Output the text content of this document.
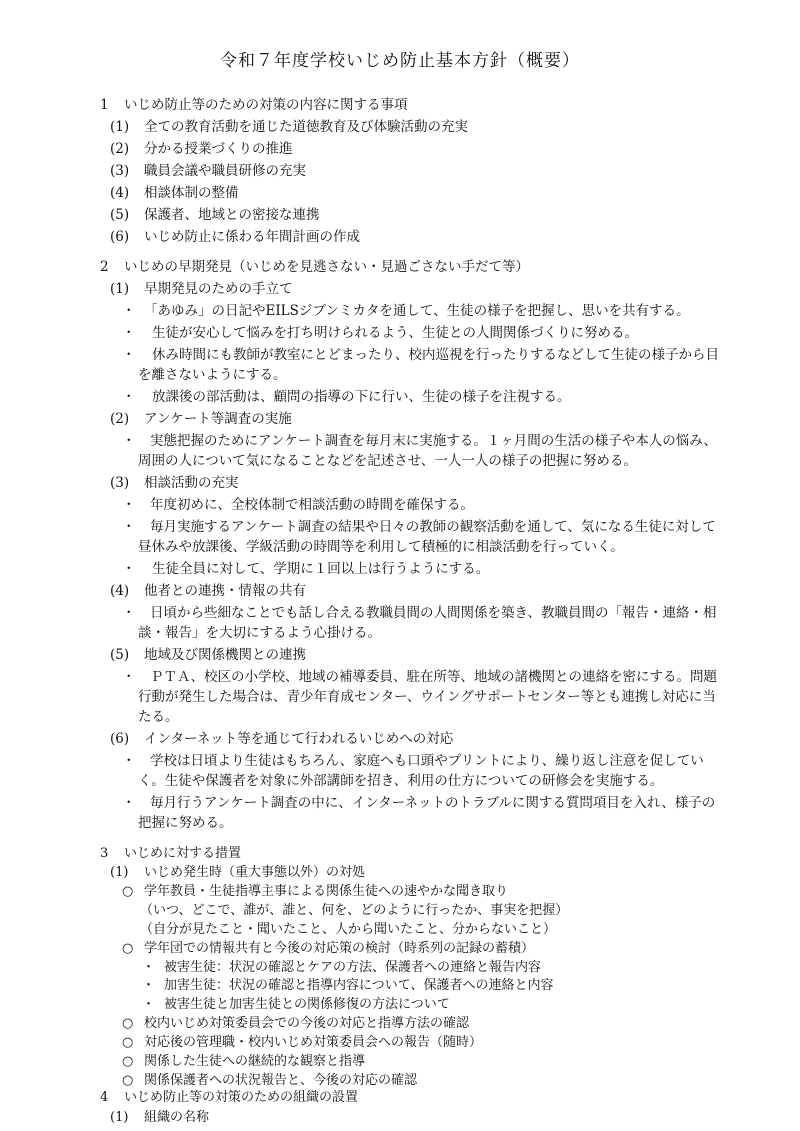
令和７年度学校いじめ防止基本方針（概要）
1 いじめ防止等のための対策の内容に関する事項
(1) 全ての教育活動を通じた道徳教育及び体験活動の充実
(2) 分かる授業づくりの推進
(3) 職員会議や職員研修の充実
(4) 相談体制の整備
(5) 保護者、地域との密接な連携
(6) いじめ防止に係わる年間計画の作成
2 いじめの早期発見（いじめを見逃さない・見過ごさない手だて等）
(1) 早期発見のための手立て
・ 「あゆみ」の日記やEILSジブンミカタを通して、生徒の様子を把握し、思いを共有する。
・ 生徒が安心して悩みを打ち明けられるよう、生徒との人間関係づくりに努める。
・ 休み時間にも教師が教室にとどまったり、校内巡視を行ったりするなどして生徒の様子から目
を離さないようにする。
・ 放課後の部活動は、顧問の指導の下に行い、生徒の様子を注視する。
(2) アンケート等調査の実施
・ 実態把握のためにアンケート調査を毎月末に実施する。１ヶ月間の生活の様子や本人の悩み、
周囲の人について気になることなどを記述させ、一人一人の様子の把握に努める。
(3) 相談活動の充実
・ 年度初めに、全校体制で相談活動の時間を確保する。
・ 毎月実施するアンケート調査の結果や日々の教師の観察活動を通して、気になる生徒に対して
昼休みや放課後、学級活動の時間等を利用して積極的に相談活動を行っていく。
・ 生徒全員に対して、学期に１回以上は行うようにする。
(4) 他者との連携・情報の共有
・ 日頃から些細なことでも話し合える教職員間の人間関係を築き、教職員間の「報告・連絡・相
談・報告」を大切にするよう心掛ける。
(5) 地域及び関係機関との連携
・ ＰＴＡ、校区の小学校、地域の補導委員、駐在所等、地域の諸機関との連絡を密にする。問題
行動が発生した場合は、青少年育成センター、ウイングサポートセンター等とも連携し対応に当
たる。
(6) インターネット等を通じて行われるいじめへの対応
・ 学校は日頃より生徒はもちろん、家庭へも口頭やプリントにより、繰り返し注意を促してい
く。生徒や保護者を対象に外部講師を招き、利用の仕方についての研修会を実施する。
・ 毎月行うアンケート調査の中に、インターネットのトラブルに関する質問項目を入れ、様子の
把握に努める。
3 いじめに対する措置
(1) いじめ発生時（重大事態以外）の対処
○ 学年教員・生徒指導主事による関係生徒への速やかな聞き取り
（いつ、どこで、誰が、誰と、何を、どのように行ったか、事実を把握）
（自分が見たこと・聞いたこと、人から聞いたこと、分からないこと）
○ 学年団での情報共有と今後の対応策の検討（時系列の記録の蓄積）
・ 被害生徒：状況の確認とケアの方法、保護者への連絡と報告内容
・ 加害生徒：状況の確認と指導内容について、保護者への連絡と内容
・ 被害生徒と加害生徒との関係修復の方法について
○ 校内いじめ対策委員会での今後の対応と指導方法の確認
○ 対応後の管理職・校内いじめ対策委員会への報告（随時）
○ 関係した生徒への継続的な観察と指導
○ 関係保護者への状況報告と、今後の対応の確認
4 いじめ防止等の対策のための組織の設置
(1) 組織の名称
